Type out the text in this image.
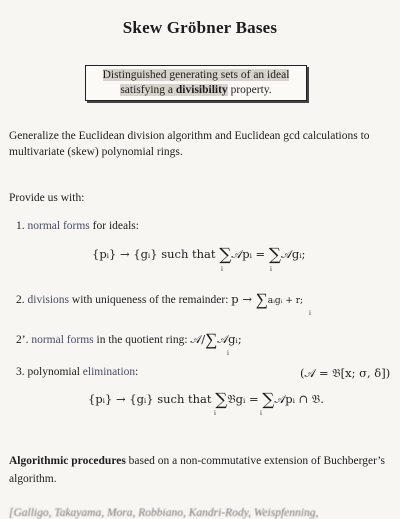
Skew Gröbner Bases
Distinguished generating sets of an ideal
satisfying a divisibility property.
Generalize the Euclidean division algorithm and Euclidean gcd calculations to multivariate (skew) polynomial rings.
Provide us with:
1. normal forms for ideals:
{pᵢ} → {gᵢ} such that ∑𝒜pᵢ = ∑𝒜gᵢ;
i	i
2. divisions with uniqueness of the remainder: p → ∑aᵢgᵢ + r;
i
2’. normal forms in the quotient ring: 𝒜/∑𝒜gᵢ;
i
3. polynomial elimination:	(𝒜 = 𝔅[x; σ, δ])
{pᵢ} → {gᵢ} such that ∑𝔅gᵢ = ∑𝒜pᵢ ∩ 𝔅.
i	i
Algorithmic procedures based on a non-commutative extension of Buchberger’s algorithm.
[Galligo, Takayama, Mora, Robbiano, Kandri-Rody, Weispfenning,
